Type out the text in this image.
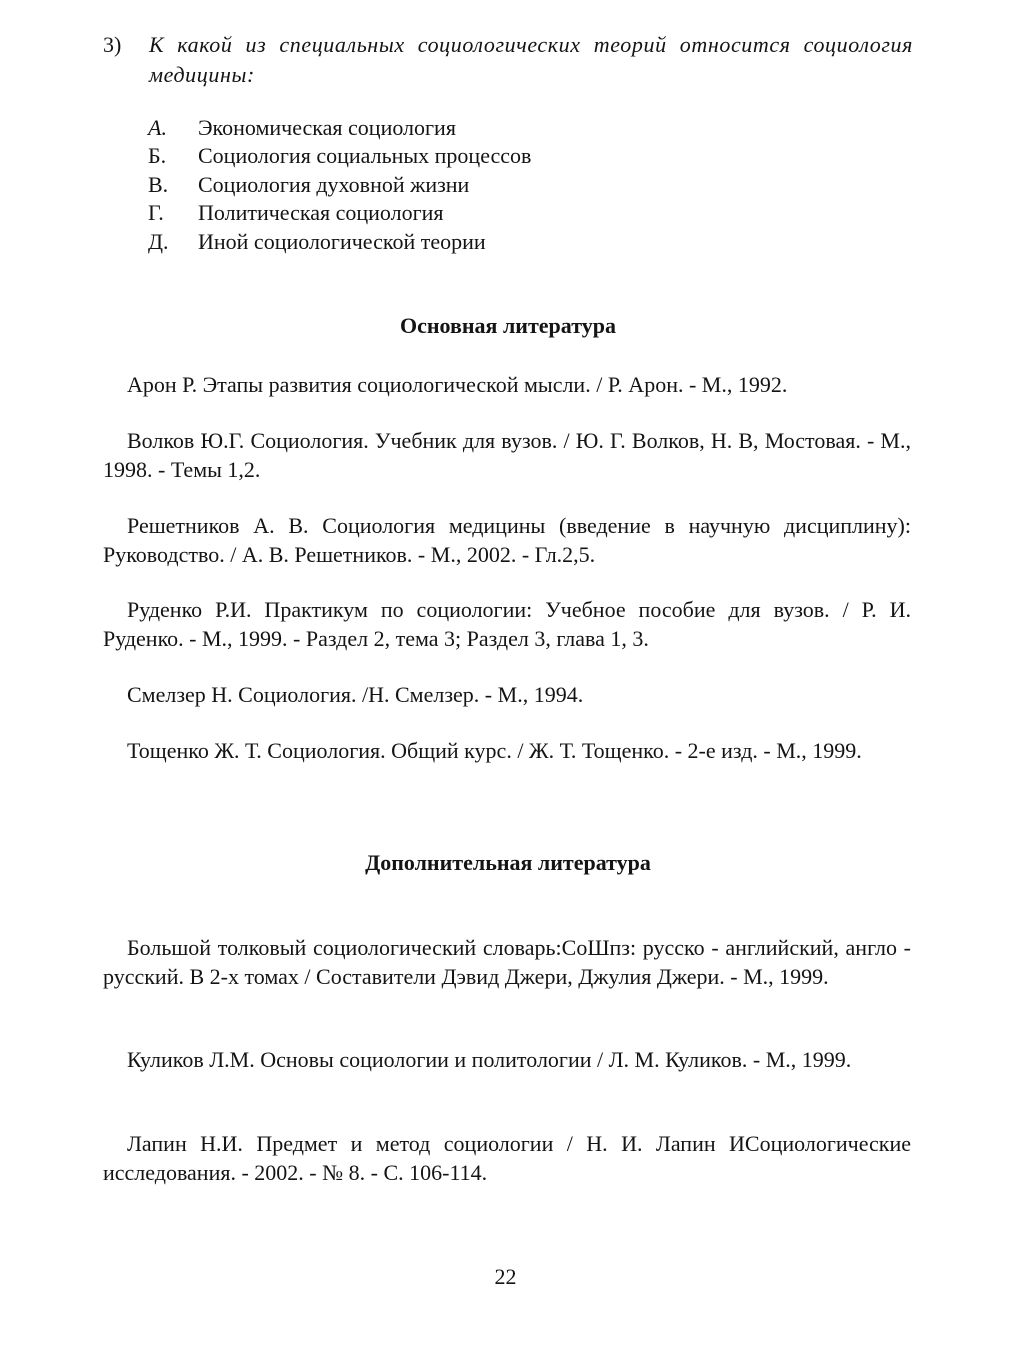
3) К какой из специальных социологических теорий относится социология медицины:
А.	Экономическая социология
Б.	Социология социальных процессов
В.	Социология духовной жизни
Г.	Политическая социология
Д.	Иной социологической теории
Основная литература
Арон Р. Этапы развития социологической мысли. / Р. Арон. - М., 1992.
Волков Ю.Г. Социология. Учебник для вузов. / Ю. Г. Волков, Н. В, Мостовая. - М., 1998. - Темы 1,2.
Решетников А. В. Социология медицины (введение в научную дисциплину): Руководство. / А. В. Решетников. - М., 2002. - Гл.2,5.
Руденко Р.И. Практикум по социологии: Учебное пособие для вузов. / Р. И. Руденко. - М., 1999. - Раздел 2, тема 3; Раздел 3, глава 1, 3.
Смелзер Н. Социология. /Н. Смелзер. - М., 1994.
Тощенко Ж. Т. Социология. Общий курс. / Ж. Т. Тощенко. - 2-е изд. - М., 1999.
Дополнительная литература
Большой толковый социологический словарь:CoШпз: русско - английский, англо - русский. В 2-х томах / Составители Дэвид Джери, Джулия Джери. - М., 1999.
Куликов Л.М. Основы социологии и политологии / Л. М. Куликов. - М., 1999.
Лапин Н.И. Предмет и метод социологии / Н. И. Лапин ИСоциологические исследования. - 2002. - № 8. - С. 106-114.
22
